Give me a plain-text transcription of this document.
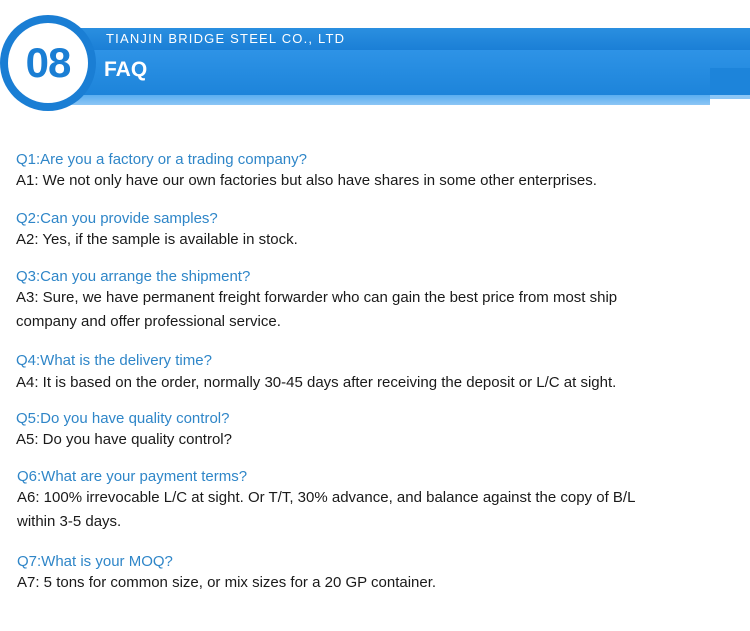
08
TIANJIN BRIDGE STEEL CO., LTD
FAQ
Q1:Are you a factory or a trading company?
A1: We not only have our own factories but also have shares in some other enterprises.
Q2:Can you provide samples?
A2: Yes, if the sample is available in stock.
Q3:Can you arrange the shipment?
A3: Sure, we have permanent freight forwarder who can gain the best price from most ship
company and offer professional service.
Q4:What is the delivery time?
A4: It is based on the order, normally 30-45 days after receiving the deposit or L/C at sight.
Q5:Do you have quality control?
A5: Do you have quality control?
Q6:What are your payment terms?
A6: 100% irrevocable L/C at sight. Or T/T, 30% advance, and balance against the copy of B/L
within 3-5 days.
Q7:What is your MOQ?
A7: 5 tons for common size, or mix sizes for a 20 GP container.
